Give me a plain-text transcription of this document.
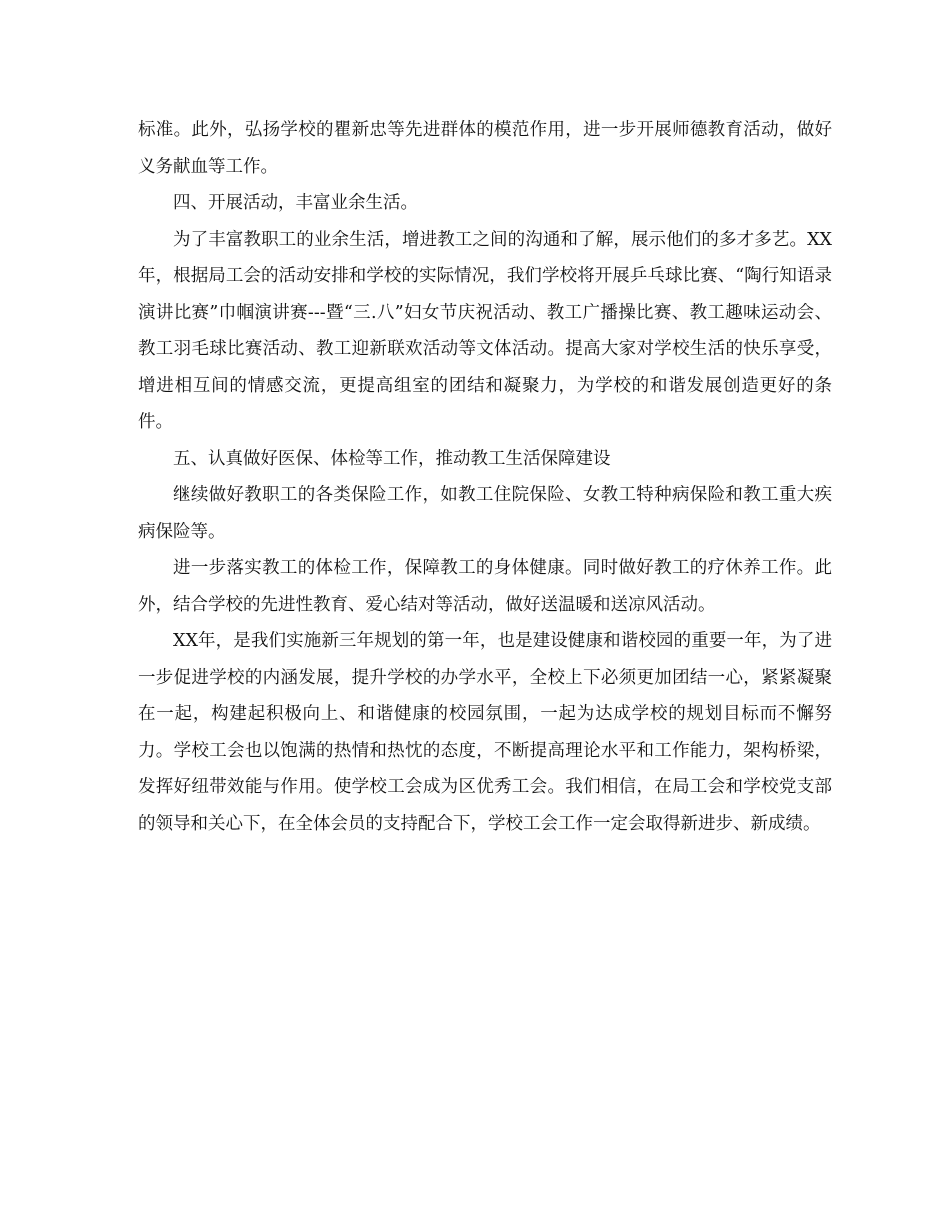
标准。此外，弘扬学校的瞿新忠等先进群体的模范作用，进一步开展师德教育活动，做好义务献血等工作。

四、开展活动，丰富业余生活。

为了丰富教职工的业余生活，增进教工之间的沟通和了解，展示他们的多才多艺。XX年，根据局工会的活动安排和学校的实际情况，我们学校将开展乒乓球比赛、“陶行知语录演讲比赛”巾帼演讲赛---暨“三.八”妇女节庆祝活动、教工广播操比赛、教工趣味运动会、教工羽毛球比赛活动、教工迎新联欢活动等文体活动。提高大家对学校生活的快乐享受，增进相互间的情感交流，更提高组室的团结和凝聚力，为学校的和谐发展创造更好的条件。

五、认真做好医保、体检等工作，推动教工生活保障建设

继续做好教职工的各类保险工作，如教工住院保险、女教工特种病保险和教工重大疾病保险等。

进一步落实教工的体检工作，保障教工的身体健康。同时做好教工的疗休养工作。此外，结合学校的先进性教育、爱心结对等活动，做好送温暖和送凉风活动。

XX年，是我们实施新三年规划的第一年，也是建设健康和谐校园的重要一年，为了进一步促进学校的内涵发展，提升学校的办学水平，全校上下必须更加团结一心，紧紧凝聚在一起，构建起积极向上、和谐健康的校园氛围，一起为达成学校的规划目标而不懈努力。学校工会也以饱满的热情和热忱的态度，不断提高理论水平和工作能力，架构桥梁，发挥好纽带效能与作用。使学校工会成为区优秀工会。我们相信，在局工会和学校党支部的领导和关心下，在全体会员的支持配合下，学校工会工作一定会取得新进步、新成绩。
